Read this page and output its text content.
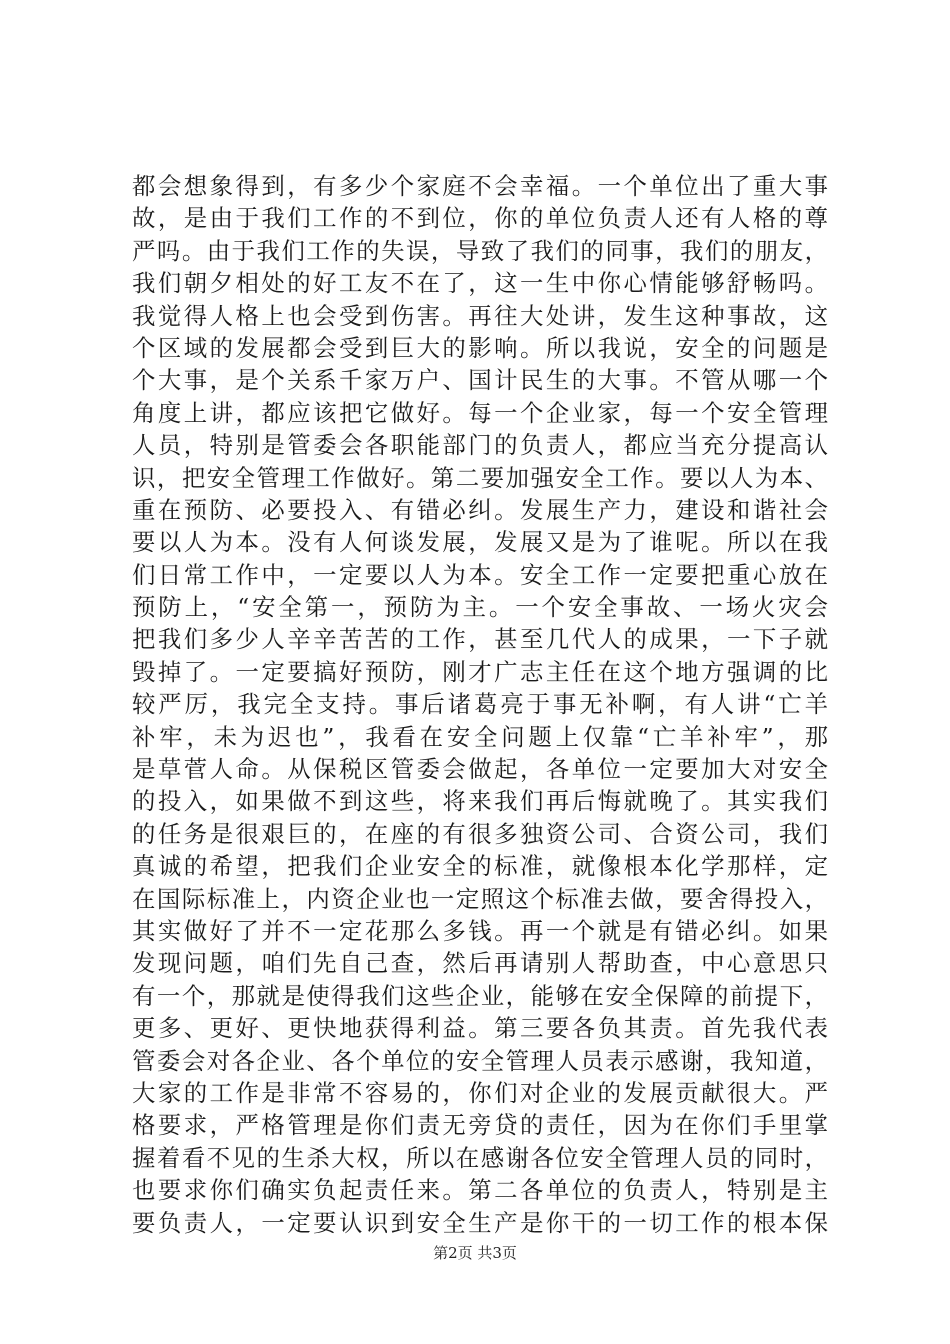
都会想象得到，有多少个家庭不会幸福。一个单位出了重大事
故，是由于我们工作的不到位，你的单位负责人还有人格的尊
严吗。由于我们工作的失误，导致了我们的同事，我们的朋友，
我们朝夕相处的好工友不在了，这一生中你心情能够舒畅吗。
我觉得人格上也会受到伤害。再往大处讲，发生这种事故，这
个区域的发展都会受到巨大的影响。所以我说，安全的问题是
个大事，是个关系千家万户、国计民生的大事。不管从哪一个
角度上讲，都应该把它做好。每一个企业家，每一个安全管理
人员，特别是管委会各职能部门的负责人，都应当充分提高认
识，把安全管理工作做好。第二要加强安全工作。要以人为本、
重在预防、必要投入、有错必纠。发展生产力，建设和谐社会
要以人为本。没有人何谈发展，发展又是为了谁呢。所以在我
们日常工作中，一定要以人为本。安全工作一定要把重心放在
预防上，“安全第一，预防为主。一个安全事故、一场火灾会
把我们多少人辛辛苦苦的工作，甚至几代人的成果，一下子就
毁掉了。一定要搞好预防，刚才广志主任在这个地方强调的比
较严厉，我完全支持。事后诸葛亮于事无补啊，有人讲“亡羊
补牢，未为迟也”，我看在安全问题上仅靠“亡羊补牢”，那
是草菅人命。从保税区管委会做起，各单位一定要加大对安全
的投入，如果做不到这些，将来我们再后悔就晚了。其实我们
的任务是很艰巨的，在座的有很多独资公司、合资公司，我们
真诚的希望，把我们企业安全的标准，就像根本化学那样，定
在国际标准上，内资企业也一定照这个标准去做，要舍得投入，
其实做好了并不一定花那么多钱。再一个就是有错必纠。如果
发现问题，咱们先自己查，然后再请别人帮助查，中心意思只
有一个，那就是使得我们这些企业，能够在安全保障的前提下，
更多、更好、更快地获得利益。第三要各负其责。首先我代表
管委会对各企业、各个单位的安全管理人员表示感谢，我知道，
大家的工作是非常不容易的，你们对企业的发展贡献很大。严
格要求，严格管理是你们责无旁贷的责任，因为在你们手里掌
握着看不见的生杀大权，所以在感谢各位安全管理人员的同时，
也要求你们确实负起责任来。第二各单位的负责人，特别是主
要负责人，一定要认识到安全生产是你干的一切工作的根本保
第2页 共3页
